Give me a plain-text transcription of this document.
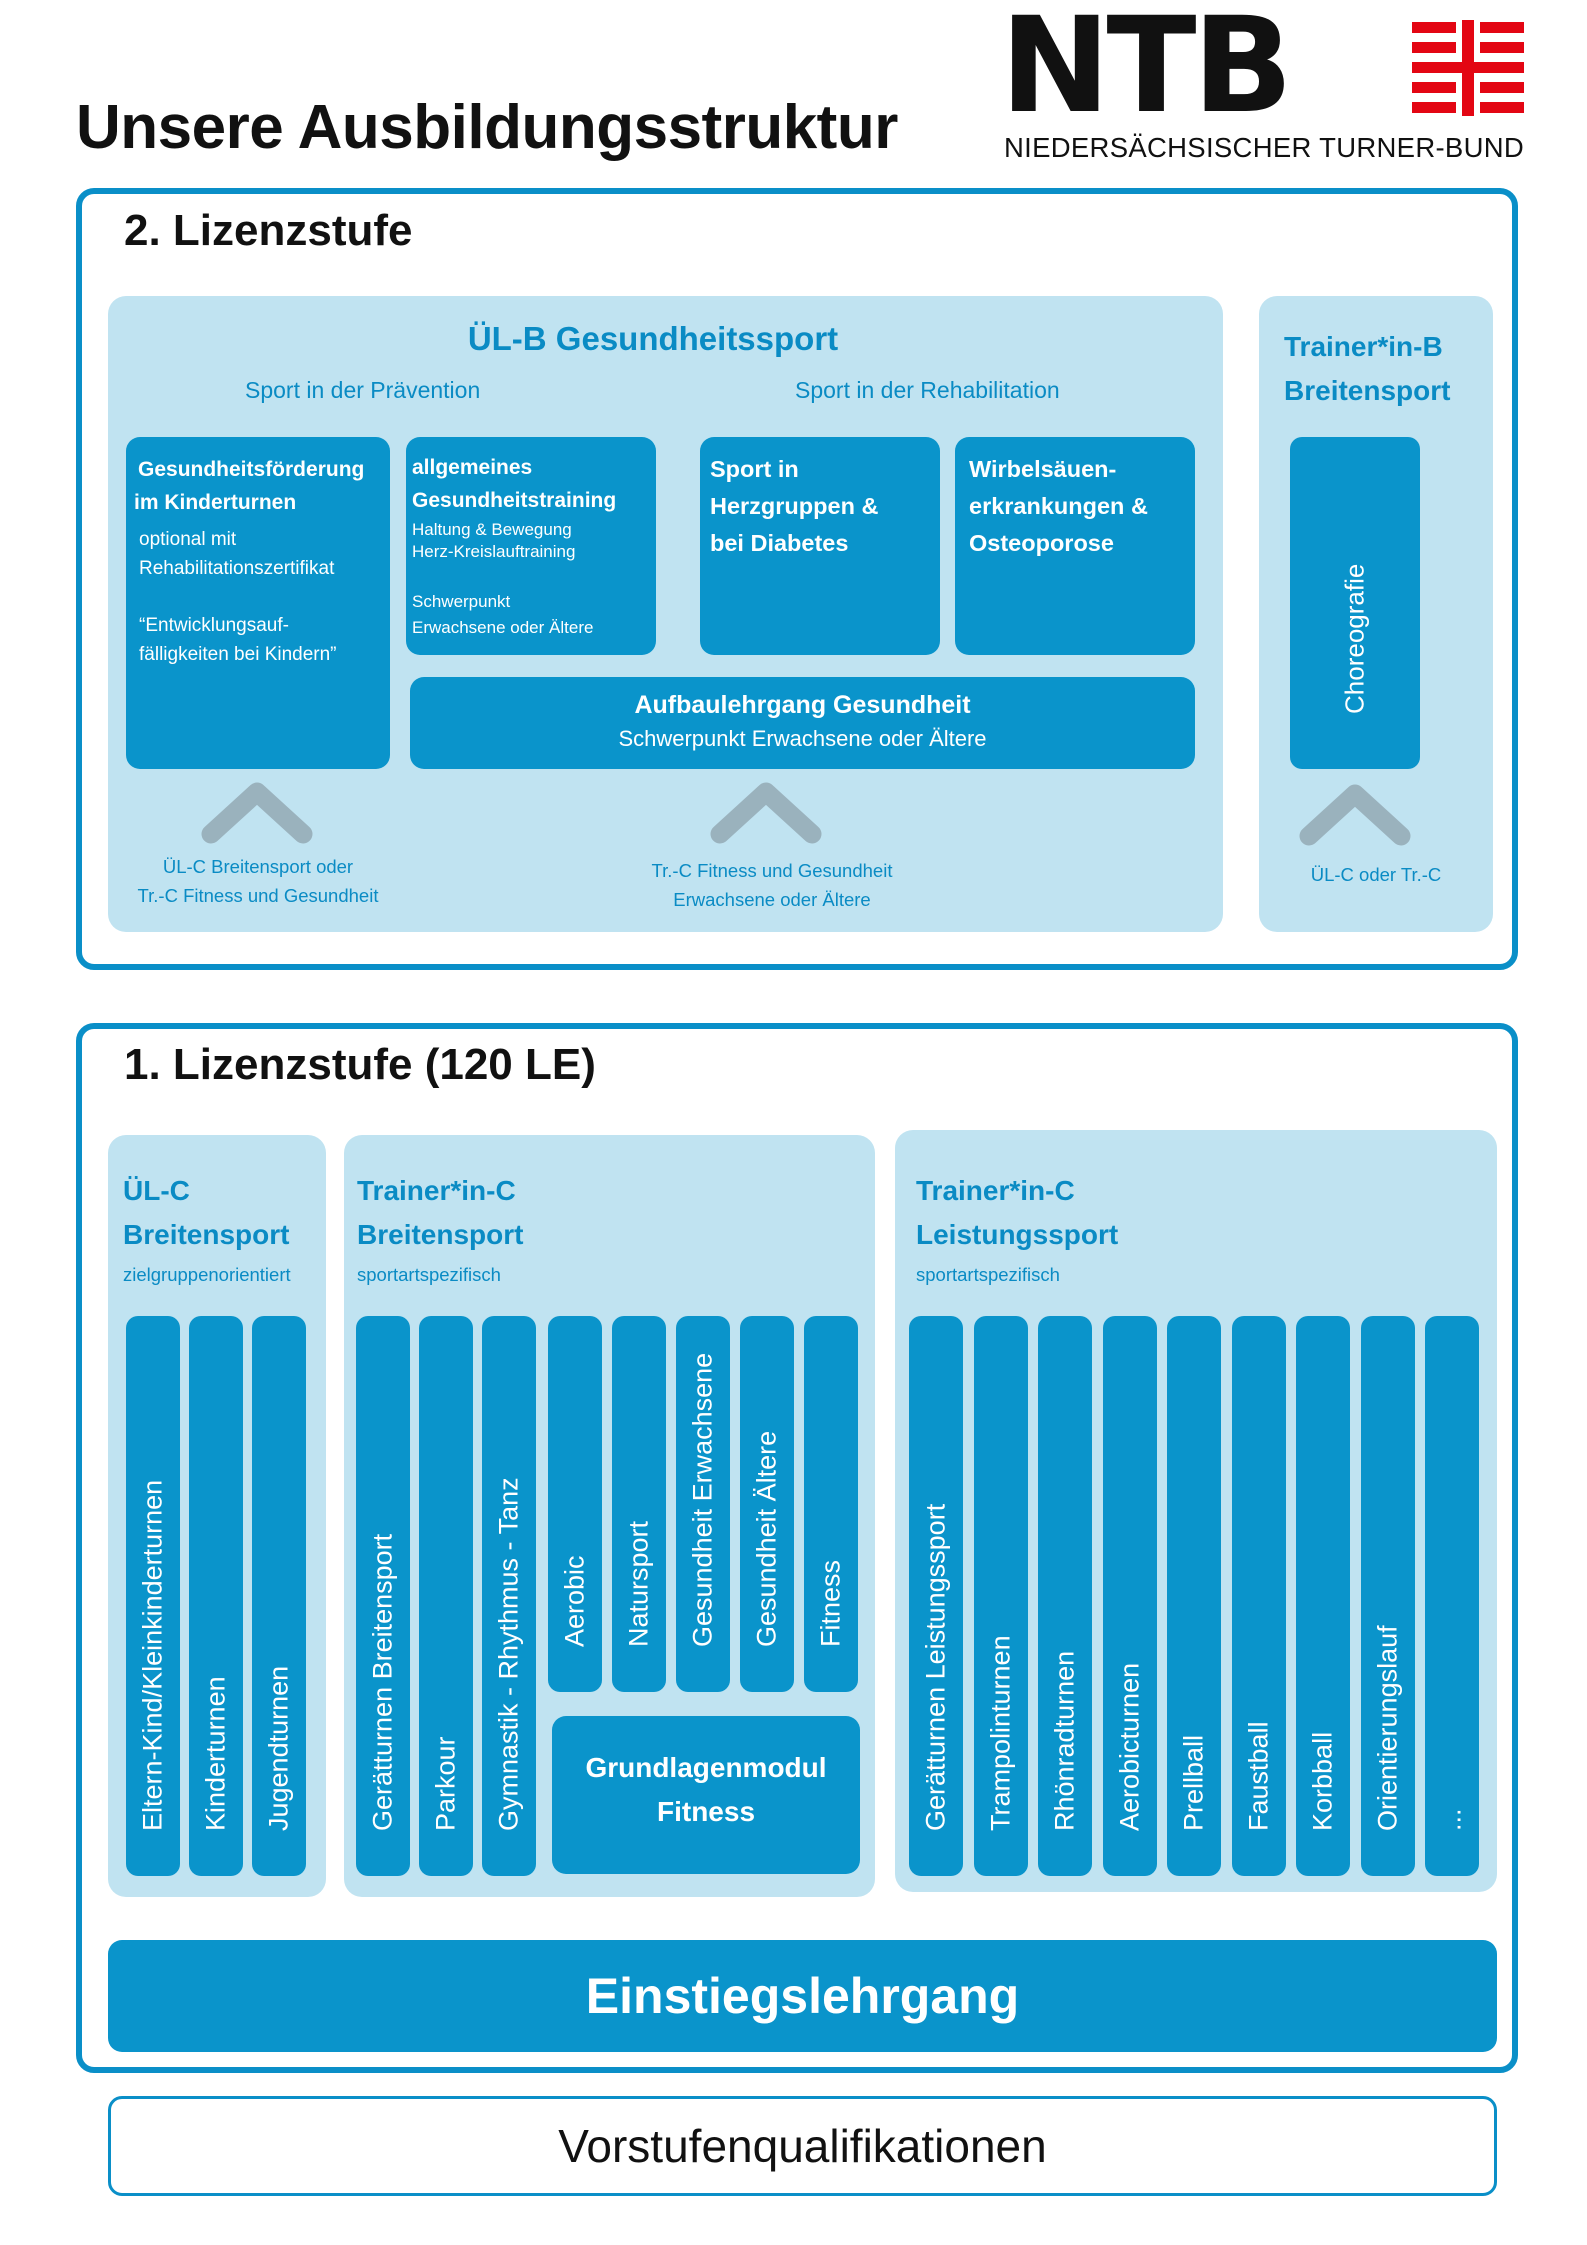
Unsere Ausbildungsstruktur NTB
NIEDERSÄCHSISCHER TURNER-BUND
2. Lizenzstufe
ÜL-B Gesundheitssport
Sport in der Prävention	Sport in der Rehabilitation
Gesundheitsförderung
im Kinderturnen
optional mit
Rehabilitationszertifikat
“Entwicklungsauf-
fälligkeiten bei Kindern”
allgemeines
Gesundheitstraining
Haltung & Bewegung
Herz-Kreislauftraining
Schwerpunkt
Erwachsene oder Ältere
Sport in
Herzgruppen &
bei Diabetes
Wirbelsäuen-
erkrankungen &
Osteoporose
Aufbaulehrgang Gesundheit
Schwerpunkt Erwachsene oder Ältere
ÜL-C Breitensport oder
Tr.-C Fitness und Gesundheit
Tr.-C Fitness und Gesundheit
Erwachsene oder Ältere
Trainer*in-B
Breitensport
Choreografie
ÜL-C oder Tr.-C
1. Lizenzstufe (120 LE)
ÜL-C
Breitensport
zielgruppenorientiert
Eltern-Kind/Kleinkinderturnen Kinderturnen Jugendturnen
Trainer*in-C
Breitensport
sportartspezifisch
Gerätturnen Breitensport Parkour Gymnastik - Rhythmus - Tanz Aerobic Natursport Gesundheit Erwachsene Gesundheit Ältere Fitness
Grundlagenmodul
Fitness
Trainer*in-C
Leistungssport
sportartspezifisch
Gerätturnen Leistungssport Trampolinturnen Rhönradturnen Aerobicturnen Prellball Faustball Korbball Orientierungslauf ...
Einstiegslehrgang
Vorstufenqualifikationen
